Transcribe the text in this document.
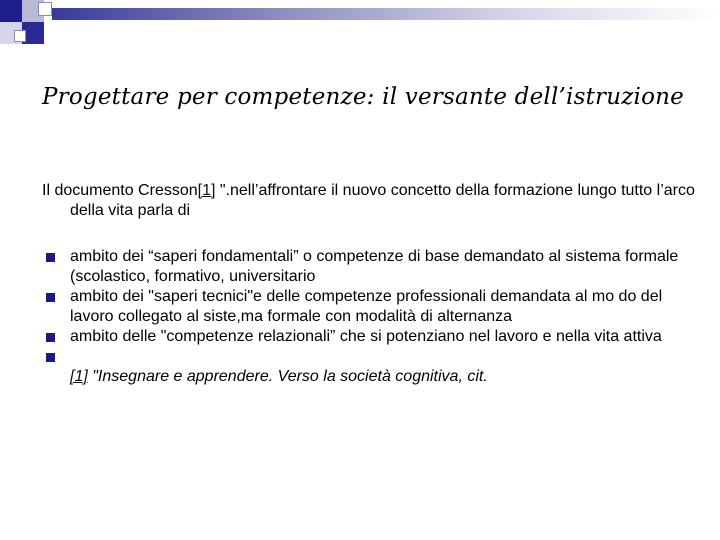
Progettare per competenze: il versante dell’istruzione

Il documento Cresson[1] ".nell’affrontare il nuovo concetto della formazione lungo tutto l’arco della vita parla di

ambito dei “saperi fondamentali” o competenze di base demandato al sistema formale (scolastico, formativo, universitario
ambito dei "saperi tecnici"e delle competenze professionali demandata al mo do del lavoro collegato al siste,ma formale con modalità di alternanza
ambito delle "competenze relazionali” che si potenziano nel lavoro e nella vita attiva
[1] "Insegnare e apprendere. Verso la società cognitiva, cit.
